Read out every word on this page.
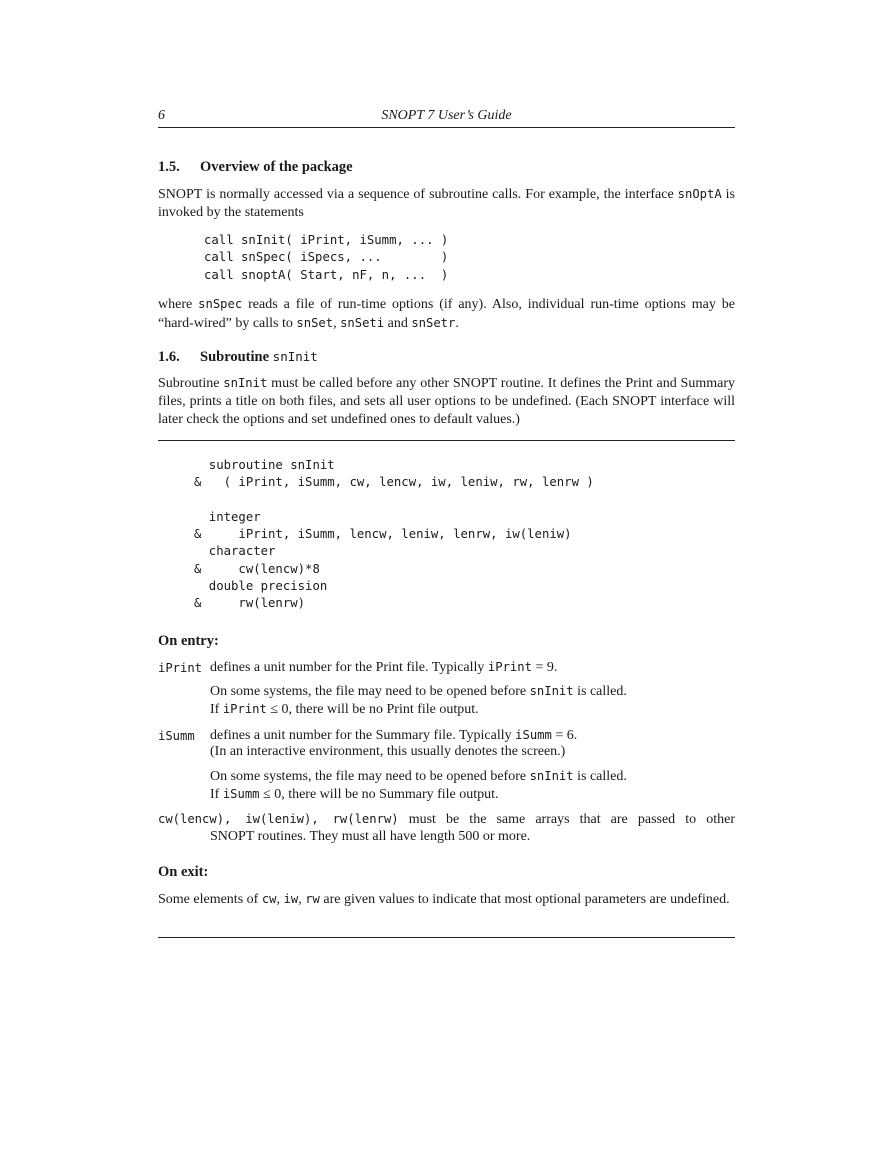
6	SNOPT 7 User’s Guide
1.5. Overview of the package
SNOPT is normally accessed via a sequence of subroutine calls. For example, the interface snOptA is invoked by the statements
call snInit( iPrint, iSumm, ... )
call snSpec( iSpecs, ...        )
call snoptA( Start, nF, n, ...  )
where snSpec reads a file of run-time options (if any). Also, individual run-time options may be “hard-wired” by calls to snSet, snSeti and snSetr.
1.6. Subroutine snInit
Subroutine snInit must be called before any other SNOPT routine. It defines the Print and Summary files, prints a title on both files, and sets all user options to be undefined. (Each SNOPT interface will later check the options and set undefined ones to default values.)
subroutine snInit
&   ( iPrint, iSumm, cw, lencw, iw, leniw, rw, lenrw )

integer
&     iPrint, iSumm, lencw, leniw, lenrw, iw(leniw)
character
&     cw(lencw)*8
double precision
&     rw(lenrw)
On entry:
iPrint defines a unit number for the Print file. Typically iPrint = 9.
On some systems, the file may need to be opened before snInit is called.
If iPrint ≤ 0, there will be no Print file output.
iSumm defines a unit number for the Summary file. Typically iSumm = 6.
(In an interactive environment, this usually denotes the screen.)
On some systems, the file may need to be opened before snInit is called.
If iSumm ≤ 0, there will be no Summary file output.
cw(lencw), iw(leniw), rw(lenrw) must be the same arrays that are passed to other
SNOPT routines. They must all have length 500 or more.
On exit:
Some elements of cw, iw, rw are given values to indicate that most optional parameters are undefined.
